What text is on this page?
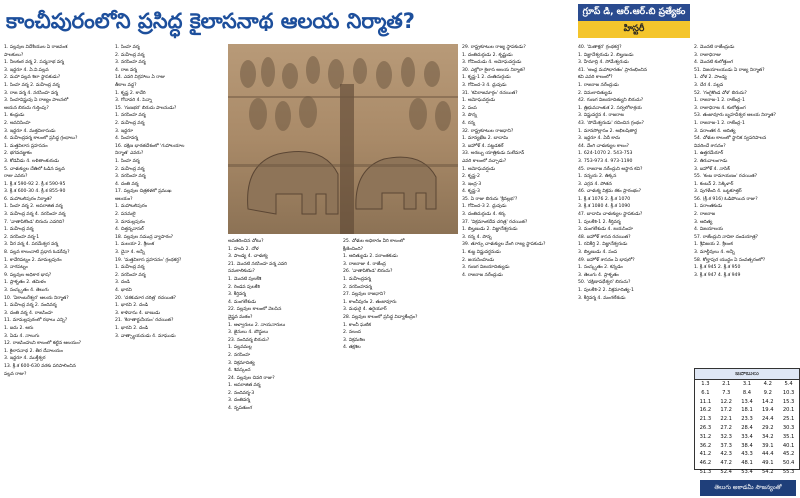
కాంచీపురంలోని ప్రసిద్ధ కైలాసనాథ ఆలయ నిర్మాత?	గ్రూప్ డి, ఆర్.ఆర్.బి ప్రత్యేకం
హిస్టరీ
1. పల్లవుల విదేశీయుల ఏ రాజవంశ
పాలకులు?
1. నీలకంఠ వర్మ 2. పద్మనాభ వర్మ
3. ఇద్దరూ 4. ఏ.వి.పల్లవ
2. మహా పల్లవ శిలా స్థాపకుడు?
1. సింహ వర్మ 2. మహేంద్ర వర్మ
3. రాజ వర్మ 4. నరసింహ వర్మ
3. సింహవిష్ణువు ఏ రాజ్యం పాలనలో
ఆయన బిరుదు గుర్తింపు?
1. కంధ్రుడు
2. అవనిసింహ
3. ఇద్దరూ 4. మత్తవిలాసుడు
4. మహేంద్రవర్మ కాలంలో ప్రసిద్ధ గ్రంథాలు?
1. మత్తవిలాస ప్రహసనం
2. భగవదజ్జుకం
3. కోడవీడు 4. లళితాంకురుడు
5. చాళుక్యుల చేతిలో ఓడిన పల్లవ
రాజు ఎవరు?
1. క్రీ.శ 590-92 2. క్రీ.శ 590-95
3. క్రీ.శ 600-30 4. క్రీ.శ 855-90
6. మహాబలిపురం నిర్మాత?
1. సింహ వర్మ 2. అపరాజిత వర్మ
3. మహేంద్ర వర్మ 4. నరసింహ వర్మ
7. 'వాతాపికొండ' బిరుదు ఎవరిది?
1. మహేంద్ర వర్మ
2. నరసింహ వర్మ-1
3. వీర వర్మ 4. పరమేశ్వర వర్మ
8. పల్లవ కాలంనాటి ప్రధాన ఓడరేవు?
1. కావేరిపట్నం 2. మామల్లపురం
3. నాగపట్నం
9. పల్లవుల అధికార భాష?
1. ప్రాకృతం 2. తమిళం
3. సంస్కృతం 4. తెలుగు
10. 'ఏకాంబరేశ్వర' ఆలయ నిర్మాత?
1. మహేంద్ర వర్మ 2. నందివర్మ
3. దంతి వర్మ 4. రాజసింహ
11. మామల్లపురంలో రథాలు ఎన్ని?
1. ఐదు 2. ఆరు
3. ఏడు 4. నాలుగు
12. రాజసింహుని కాలంలో కట్టిన ఆలయం?
1. కైలాసనాథ 2. తీర దేవాలయం
3. ఇద్దరూ 4. ముక్తేశ్వర
13. క్రీ.శ 600-630 వరకు పరిపాలించిన
పల్లవ రాజు?
1. సింహ వర్మ
2. మహేంద్ర వర్మ
3. నరసింహ వర్మ
4. రాజ వర్మ
14. ఎవరి విగ్రహాలు ఏ రాజు
తీరాల వద్ద?
1. కృష్ణ 2. కావేరి
3. గోదావరి 4. పెన్నా
15. 'గుణభర' బిరుదు పాలనుడు?
1. నరసింహ వర్మ
2. మహేంద్ర వర్మ
3. ఇద్దరూ
4. సింహవర్మ
16. దక్షిణ భారతదేశంలో 'గుహాలయాల
నిర్మాత' ఎవరు?
1. సింహ వర్మ
2. మహేంద్ర వర్మ
3. నరసింహ వర్మ
4. దంతి వర్మ
17. పల్లవుల చిత్రకళలో ప్రముఖ
ఆలయం?
1. మహాబలిపురం
2. పనమలై
3. మామల్లపురం
4. చిత్తన్నవాసల్
18. పల్లవుల సముద్ర వ్యాపారం?
1. మలయా 2. శ్రీలంక
3. చైనా 4. అన్నీ
19. 'మత్తవిలాస ప్రహసనం' గ్రంథకర్త?
1. మహేంద్ర వర్మ
2. నరసింహ వర్మ
3. దండి
4. భారవి
20. 'దశకుమార చరిత్ర' రచయిత?
1. భారవి 2. దండి
3. కాళిదాసు 4. బాణుడు
21. 'కిరాతార్జునీయం' రచయిత?
1. భారవి 2. దండి
3. వాత్స్యాయనుడు 4. మాఘుడు
అవతరించిన చోటు?
1. హంపి 2. చోళ
3. పాండ్య 4. చాళుక్య
21. మొదటి నరసింహ వర్మ ఎవరి
సమకాలికుడు?
1. మొదటి పులకేశి
2. రెండవ పులకేశి
3. కీర్తివర్మ
4. మంగలేశుడు
22. పల్లవుల కాలంలో వెలసిన
వైష్ణవ మతం?
1. ఆళ్వారులు 2. నాయనారులు
3. జైనులు 4. బౌద్ధులు
23. నందివర్మ బిరుదు?
1. పల్లవమల్ల
2. నరసింహ
3. విక్రమాదిత్య
4. శివస్కంద
24. పల్లవుల చివరి రాజు?
1. అపరాజిత వర్మ
2. నందివర్మ-3
3. దంతివర్మ
4. నృపతుంగ
25. చోళుల అధికారం వీరి కాలంలో
క్షీణించింది?
1. ఆదిత్యుడు 2. పరాంతకుడు
3. రాజరాజు 4. రాజేంద్ర
26. 'వాతాపికొండ' బిరుదు?
1. మహేంద్రవర్మ
2. నరసింహవర్మ
27. పల్లవుల రాజధాని?
1. కాంచీపురం 2. తంజావూరు
3. మధురై 4. ఉరైయూర్
28. పల్లవుల కాలంలో ప్రసిద్ధ విద్యాకేంద్రం?
1. కాంచీ ఘటిక
2. నలంద
3. విక్రమశిల
4. తక్షశిల
29. రాష్ట్రకూటుల రాజ్య స్థాపకుడు?
1. దంతిదుర్గుడు 2. కృష్ణుడు
3. గోవిందుడు 4. అమోఘవర్షుడు
30. ఎల్లోరా కైలాస ఆలయ నిర్మాత?
1. కృష్ణ-1 2. దంతిదుర్గుడు
3. గోవింద-3 4. ధ్రువుడు
31. 'కవిరాజమార్గం' రచయిత?
1. అమోఘవర్షుడు
2. పంప
3. పొన్న
4. రన్న
32. రాష్ట్రకూటుల రాజధాని?
1. మాన్యఖేట 2. బాదామి
3. ఐహోళ్ 4. పట్టడకల్
33. అరబ్బు యాత్రికుడు సులేమాన్
ఎవరి కాలంలో వచ్చాడు?
1. అమోఘవర్షుడు
2. కృష్ణ-2
3. ఇంద్ర-3
4. కృష్ణ-3
35. ఏ రాజు బిరుదు 'శ్రీవల్లభ'?
1. గోవింద-3 2. ధ్రువుడు
3. దంతిదుర్గుడు 4. కర్క
37. 'విక్రమాంకదేవ చరిత్ర' రచయిత?
1. బిల్హణుడు 2. విజ్ఞానేశ్వరుడు
3. రన్న 4. పొన్న
39. తూర్పు చాళుక్యుల వేంగి రాజ్య స్థాపకుడు?
1. కుబ్జ విష్ణువర్ధనుడు
2. జయసింహుడు
3. గుణగ విజయాదిత్యుడు
4. రాజరాజ నరేంద్రుడు
40. 'మితాక్షర' గ్రంథకర్త?
1. విజ్ఞానేశ్వరుడు 2. బిల్హణుడు
3. హేమాద్రి 4. సోమేశ్వరుడు
41. 'ఆంధ్ర మహాభారతం' ప్రారంభించిన
కవి ఎవరి కాలంలో?
1. రాజరాజ నరేంద్రుడు
2. విమలాదిత్యుడు
42. గుణగ విజయాదిత్యుని బిరుదు?
1. త్రిభువనాంకుశ 2. సర్వలోకాశ్రయ
3. విష్ణువర్ధన 4. రాజరాజ
43. 'సోమేశ్వరుడు' రచించిన గ్రంథం?
1. మానసోల్లాసం 2. అభిలషితార్థ
3. ఇద్దరూ 4. ఏదీ కాదు
44. వేంగి చాళుక్యుల కాలం?
1. 624-1070 2. 543-753
3. 753-973 4. 973-1190
45. రాజరాజ నరేంద్రుని ఆస్థాన కవి?
1. నన్నయ 2. తిక్కన
3. ఎర్రన 4. పోతన
46. చాళుక్య విక్రమ శకం ప్రారంభం?
1. క్రీ.శ 1076 2. క్రీ.శ 1070
3. క్రీ.శ 1080 4. క్రీ.శ 1090
47. బాదామి చాళుక్యుల స్థాపకుడు?
1. పులకేశి-1 2. కీర్తివర్మ
3. మంగలేశుడు 4. జయసింహ
48. ఐహోళ్ శాసన రచయిత?
1. రవికీర్తి 2. విజ్ఞానేశ్వరుడు
3. బిల్హణుడు 4. పంప
49. ఐహోళ్ శాసనం ఏ భాషలో?
1. సంస్కృతం 2. కన్నడం
3. తెలుగు 4. ప్రాకృతం
50. 'దక్షిణాపథేశ్వర' బిరుదు?
1. పులకేశి-2 2. విక్రమాదిత్య-1
3. కీర్తివర్మ 4. మంగలేశుడు
2. మొదటి రాజేంద్రుడు
3. రాజాధిరాజు
4. మొదటి కులోత్తుంగ
51. విజయాలయుడు ఏ రాజ్య నిర్మాత?
1. చోళ 2. పాండ్య
3. చేర 4. పల్లవ
52. 'గంగైకొండ చోళ' బిరుదు?
1. రాజరాజ-1 2. రాజేంద్ర-1
3. రాజాధిరాజ 4. కులోత్తుంగ
53. తంజావూరు బృహదీశ్వర ఆలయ నిర్మాత?
1. రాజరాజ-1 2. రాజేంద్ర-1
3. పరాంతక 4. ఆదిత్య
54. చోళుల కాలంలో స్థానిక స్వపరిపాలన
వివరించే శాసనం?
1. ఉత్తరమేరూర్
2. తిరువాలంగాడు
3. ఐహోళ్ 4. నాసిక్
55. 'కంబ రామాయణం' రచయిత?
1. కంబన్ 2. సెక్కిళార్
3. పుగళేంది 4. ఒట్టకూత్తర్
56. (క్రీ.శ 916) ఓడిపోయిన రాజు?
1. పరాంతకుడు
2. రాజరాజ
3. ఆదిత్య
4. విజయాలయ
57. రాజేంద్రుని నావికా దండయాత్ర?
1. శ్రీవిజయ 2. శ్రీలంక
3. మాల్దీవులు 4. అన్నీ
58. కోల్హాపుర యుద్ధం ఏ సంవత్సరంలో?
1. క్రీ.శ 945 2. క్రీ.శ 950
3. క్రీ.శ 947 4. క్రీ.శ 949
జవాబులు
1.3	2.1	3.1	4.2	5.4
6.1	7.3	8.4	9.2	10.3
11.1	12.2	13.4	14.2	15.3
16.2	17.2	18.1	19.4	20.1
21.3	22.1	23.3	24.4	25.1
26.3	27.2	28.4	29.2	30.3
31.2	32.3	33.4	34.2	35.1
36.2	37.3	38.4	39.1	40.1
41.2	42.3	43.3	44.4	45.2
46.2	47.2	48.1	49.1	50.4
51.3	52.4	53.4	54.2	55.3
తెలుగు అకాడమీ సౌజన్యంతో
